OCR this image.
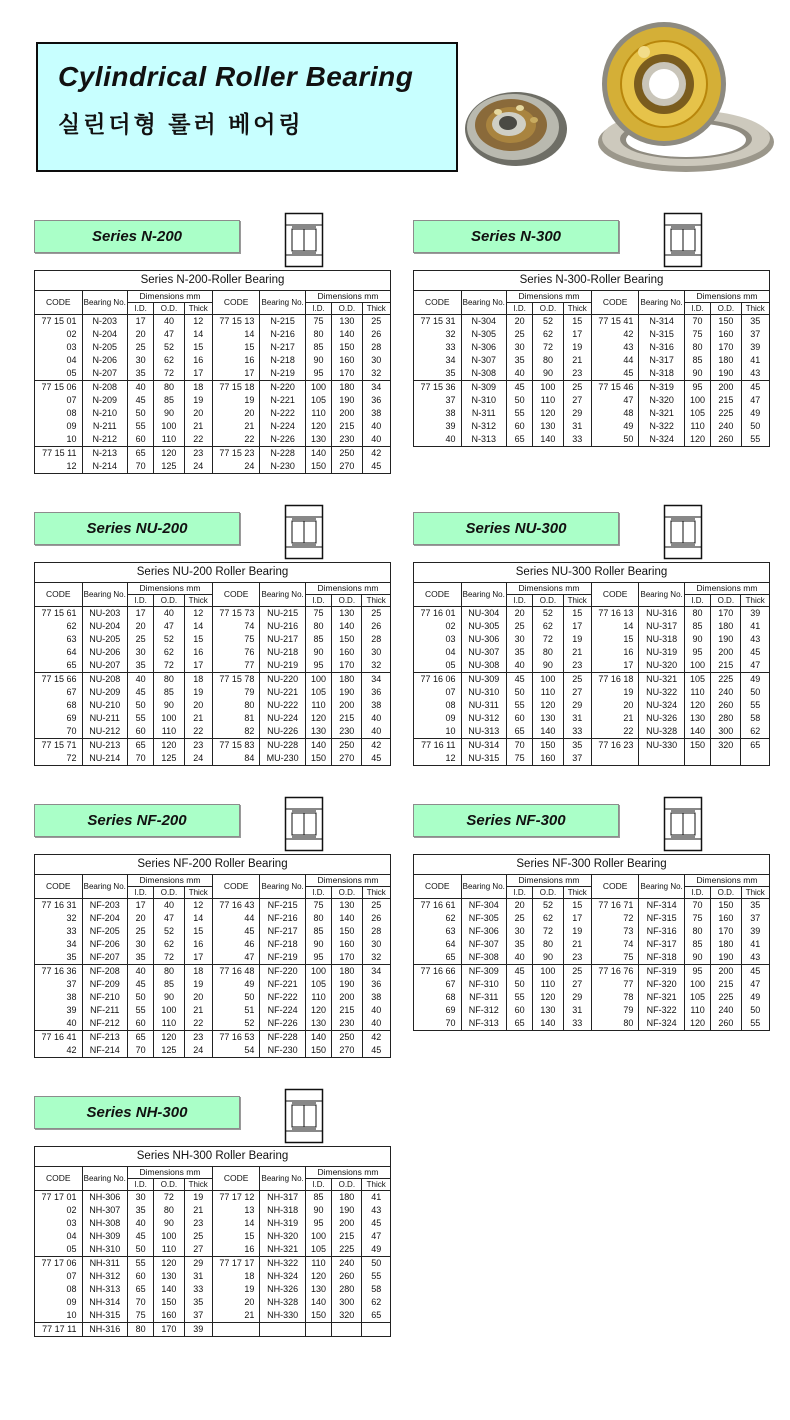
Cylindrical Roller Bearing
실린더형 롤러 베어링
Series N-200
Series N-200-Roller Bearing									
CODE	Bearing No.	Dimensions mm			CODE	Bearing No.	Dimensions mm		
		I.D.	O.D.	Thick			I.D.	O.D.	Thick
77 15 01	N-203	17	40	12	77 15 13	N-215	75	130	25
02	N-204	20	47	14	14	N-216	80	140	26
03	N-205	25	52	15	15	N-217	85	150	28
04	N-206	30	62	16	16	N-218	90	160	30
05	N-207	35	72	17	17	N-219	95	170	32
77 15 06	N-208	40	80	18	77 15 18	N-220	100	180	34
07	N-209	45	85	19	19	N-221	105	190	36
08	N-210	50	90	20	20	N-222	110	200	38
09	N-211	55	100	21	21	N-224	120	215	40
10	N-212	60	110	22	22	N-226	130	230	40
77 15 11	N-213	65	120	23	77 15 23	N-228	140	250	42
12	N-214	70	125	24	24	N-230	150	270	45
Series N-300
Series N-300-Roller Bearing									
CODE	Bearing No.	Dimensions mm			CODE	Bearing No.	Dimensions mm		
		I.D.	O.D.	Thick			I.D.	O.D.	Thick
77 15 31	N-304	20	52	15	77 15 41	N-314	70	150	35
32	N-305	25	62	17	42	N-315	75	160	37
33	N-306	30	72	19	43	N-316	80	170	39
34	N-307	35	80	21	44	N-317	85	180	41
35	N-308	40	90	23	45	N-318	90	190	43
77 15 36	N-309	45	100	25	77 15 46	N-319	95	200	45
37	N-310	50	110	27	47	N-320	100	215	47
38	N-311	55	120	29	48	N-321	105	225	49
39	N-312	60	130	31	49	N-322	110	240	50
40	N-313	65	140	33	50	N-324	120	260	55
Series NU-200
Series NU-200 Roller Bearing									
CODE	Bearing No.	Dimensions mm			CODE	Bearing No.	Dimensions mm		
		I.D.	O.D.	Thick			I.D.	O.D.	Thick
77 15 61	NU-203	17	40	12	77 15 73	NU-215	75	130	25
62	NU-204	20	47	14	74	NU-216	80	140	26
63	NU-205	25	52	15	75	NU-217	85	150	28
64	NU-206	30	62	16	76	NU-218	90	160	30
65	NU-207	35	72	17	77	NU-219	95	170	32
77 15 66	NU-208	40	80	18	77 15 78	NU-220	100	180	34
67	NU-209	45	85	19	79	NU-221	105	190	36
68	NU-210	50	90	20	80	NU-222	110	200	38
69	NU-211	55	100	21	81	NU-224	120	215	40
70	NU-212	60	110	22	82	NU-226	130	230	40
77 15 71	NU-213	65	120	23	77 15 83	NU-228	140	250	42
72	NU-214	70	125	24	84	MU-230	150	270	45
Series NU-300
Series NU-300 Roller Bearing									
CODE	Bearing No.	Dimensions mm			CODE	Bearing No.	Dimensions mm		
		I.D.	O.D.	Thick			I.D.	O.D.	Thick
77 16 01	NU-304	20	52	15	77 16 13	NU-316	80	170	39
02	NU-305	25	62	17	14	NU-317	85	180	41
03	NU-306	30	72	19	15	NU-318	90	190	43
04	NU-307	35	80	21	16	NU-319	95	200	45
05	NU-308	40	90	23	17	NU-320	100	215	47
77 16 06	NU-309	45	100	25	77 16 18	NU-321	105	225	49
07	NU-310	50	110	27	19	NU-322	110	240	50
08	NU-311	55	120	29	20	NU-324	120	260	55
09	NU-312	60	130	31	21	NU-326	130	280	58
10	NU-313	65	140	33	22	NU-328	140	300	62
77 16 11	NU-314	70	150	35	77 16 23	NU-330	150	320	65
12	NU-315	75	160	37					
Series NF-200
Series NF-200 Roller Bearing									
CODE	Bearing No.	Dimensions mm			CODE	Bearing No.	Dimensions mm		
		I.D.	O.D.	Thick			I.D.	O.D.	Thick
77 16 31	NF-203	17	40	12	77 16 43	NF-215	75	130	25
32	NF-204	20	47	14	44	NF-216	80	140	26
33	NF-205	25	52	15	45	NF-217	85	150	28
34	NF-206	30	62	16	46	NF-218	90	160	30
35	NF-207	35	72	17	47	NF-219	95	170	32
77 16 36	NF-208	40	80	18	77 16 48	NF-220	100	180	34
37	NF-209	45	85	19	49	NF-221	105	190	36
38	NF-210	50	90	20	50	NF-222	110	200	38
39	NF-211	55	100	21	51	NF-224	120	215	40
40	NF-212	60	110	22	52	NF-226	130	230	40
77 16 41	NF-213	65	120	23	77 16 53	NF-228	140	250	42
42	NF-214	70	125	24	54	NF-230	150	270	45
Series NF-300
Series NF-300 Roller Bearing									
CODE	Bearing No.	Dimensions mm			CODE	Bearing No.	Dimensions mm		
		I.D.	O.D.	Thick			I.D.	O.D.	Thick
77 16 61	NF-304	20	52	15	77 16 71	NF-314	70	150	35
62	NF-305	25	62	17	72	NF-315	75	160	37
63	NF-306	30	72	19	73	NF-316	80	170	39
64	NF-307	35	80	21	74	NF-317	85	180	41
65	NF-308	40	90	23	75	NF-318	90	190	43
77 16 66	NF-309	45	100	25	77 16 76	NF-319	95	200	45
67	NF-310	50	110	27	77	NF-320	100	215	47
68	NF-311	55	120	29	78	NF-321	105	225	49
69	NF-312	60	130	31	79	NF-322	110	240	50
70	NF-313	65	140	33	80	NF-324	120	260	55
Series NH-300
Series NH-300 Roller Bearing									
CODE	Bearing No.	Dimensions mm			CODE	Bearing No.	Dimensions mm		
		I.D.	O.D.	Thick			I.D.	O.D.	Thick
77 17 01	NH-306	30	72	19	77 17 12	NH-317	85	180	41
02	NH-307	35	80	21	13	NH-318	90	190	43
03	NH-308	40	90	23	14	NH-319	95	200	45
04	NH-309	45	100	25	15	NH-320	100	215	47
05	NH-310	50	110	27	16	NH-321	105	225	49
77 17 06	NH-311	55	120	29	77 17 17	NH-322	110	240	50
07	NH-312	60	130	31	18	NH-324	120	260	55
08	NH-313	65	140	33	19	NH-326	130	280	58
09	NH-314	70	150	35	20	NH-328	140	300	62
10	NH-315	75	160	37	21	NH-330	150	320	65
77 17 11	NH-316	80	170	39					
